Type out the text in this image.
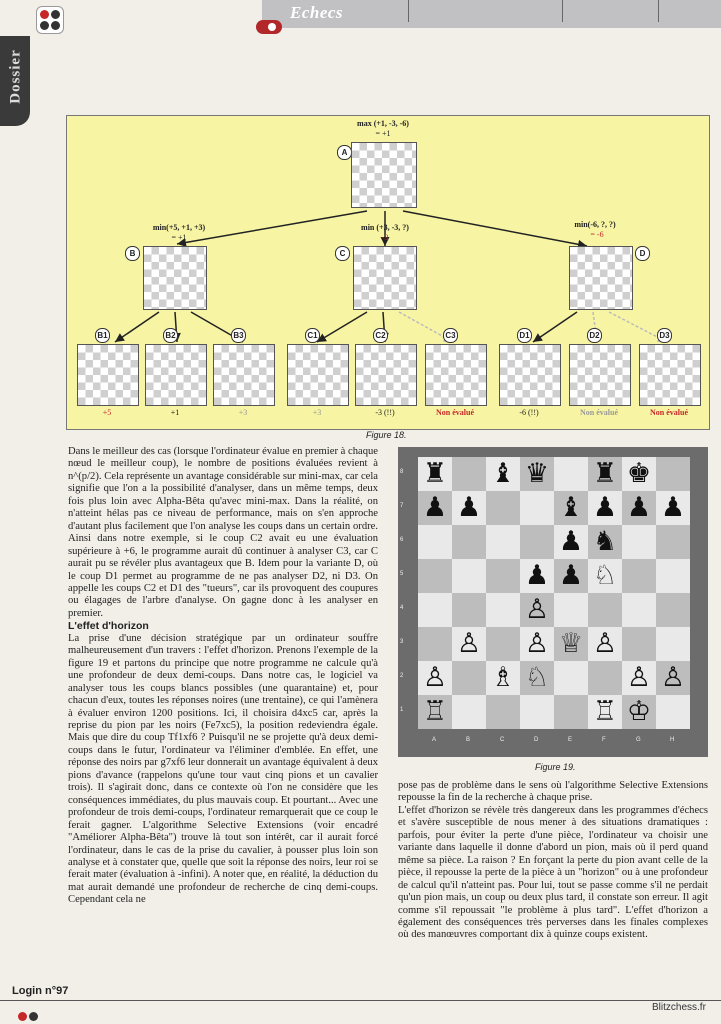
Echecs
Dossier
max (+1, -3, -6)
= +1
A
min(+5, +1, +3)
= +1
B
min (+3, -3, ?)
-3
C
min(-6, ?, ?)
= -6
D
B1
+5
B2
+1
B3
+3
C1
+3
C2
-3 (!!)
C3
Non évalué
D1
-6 (!!)
D2
Non évalué
D3
Non évalué
Figure 18.

Dans le meilleur des cas (lorsque l'ordinateur évalue en premier à chaque nœud le meilleur coup), le nombre de positions évaluées revient à n^(p/2). Cela représente un avantage considérable sur mini-max, car cela signifie que l'on a la possibilité d'analyser, dans un même temps, deux fois plus loin avec Alpha-Bêta qu'avec mini-max. Dans la réalité, on n'atteint hélas pas ce niveau de performance, mais on s'en approche d'autant plus facilement que l'on analyse les coups dans un certain ordre. Ainsi dans notre exemple, si le coup C2 avait eu une évaluation supérieure à +6, le programme aurait dû continuer à analyser C3, car C aurait pu se révéler plus avantageux que B. Idem pour la variante D, où le coup D1 permet au programme de ne pas analyser D2, ni D3. On appelle les coups C2 et D1 des "tueurs", car ils provoquent des coupures ou élagages de l'arbre d'analyse. On gagne donc à les analyser en premier.

L'effet d'horizon

La prise d'une décision stratégique par un ordinateur souffre malheureusement d'un travers : l'effet d'horizon. Prenons l'exemple de la figure 19 et partons du principe que notre programme ne calcule qu'à une profondeur de deux demi-coups. Dans notre cas, le logiciel va analyser tous les coups blancs possibles (une quarantaine) et, pour chacun d'eux, toutes les réponses noires (une trentaine), ce qui l'amènera à évaluer environ 1200 positions. Ici, il choisira d4xc5 car, après la reprise du pion par les noirs (Fe7xc5), la position redeviendra égale. Mais que dire du coup Tf1xf6 ? Puisqu'il ne se projette qu'à deux demi-coups dans le futur, l'ordinateur va l'éliminer d'emblée. En effet, une réponse des noirs par g7xf6 leur donnerait un avantage équivalent à deux pions d'avance (rappelons qu'une tour vaut cinq pions et un cavalier trois). Il s'agirait donc, dans ce contexte où l'on ne considère que les conséquences immédiates, du plus mauvais coup. Et pourtant... Avec une profondeur de trois demi-coups, l'ordinateur remarquerait que ce coup le ferait gagner. L'algorithme Selective Extensions (voir encadré "Améliorer Alpha-Bêta") trouve là tout son intérêt, car il aurait forcé l'ordinateur, dans le cas de la prise du cavalier, à pousser plus loin son analyse et à constater que, quelle que soit la réponse des noirs, leur roi se ferait mater (évaluation à -infini). A noter que, en réalité, la déduction du mat aurait demandé une profondeur de recherche de cinq demi-coups. Cependant cela ne

♜ ♝ ♛ ♜ ♚
♟ ♟	♝ ♟ ♟ ♟
♟ ♞
♟ ♟ ♘
♙
♙ ♙ ♕ ♙
♙ ♗ ♘	♙ ♙
♖	♖ ♔
8
7
6
5
4
3
2
1
A	B	C	D	E	F	G	H
Figure 19.

pose pas de problème dans le sens où l'algorithme Selective Extensions repousse la fin de la recherche à chaque prise.

L'effet d'horizon se révèle très dangereux dans les programmes d'échecs et s'avère susceptible de nous mener à des situations dramatiques : parfois, pour éviter la perte d'une pièce, l'ordinateur va choisir une variante dans laquelle il donne d'abord un pion, mais où il perd quand même sa pièce. La raison ? En forçant la perte du pion avant celle de la pièce, il repousse la perte de la pièce à un "horizon" ou à une profondeur de calcul qu'il n'atteint pas. Pour lui, tout se passe comme s'il ne perdait qu'un pion mais, un coup ou deux plus tard, il constate son erreur. Il agit comme s'il repoussait "le problème à plus tard". L'effet d'horizon a également des conséquences très perverses dans les finales complexes où des manœuvres comportant dix à quinze coups existent.

Login n°97
Blitzchess.fr
